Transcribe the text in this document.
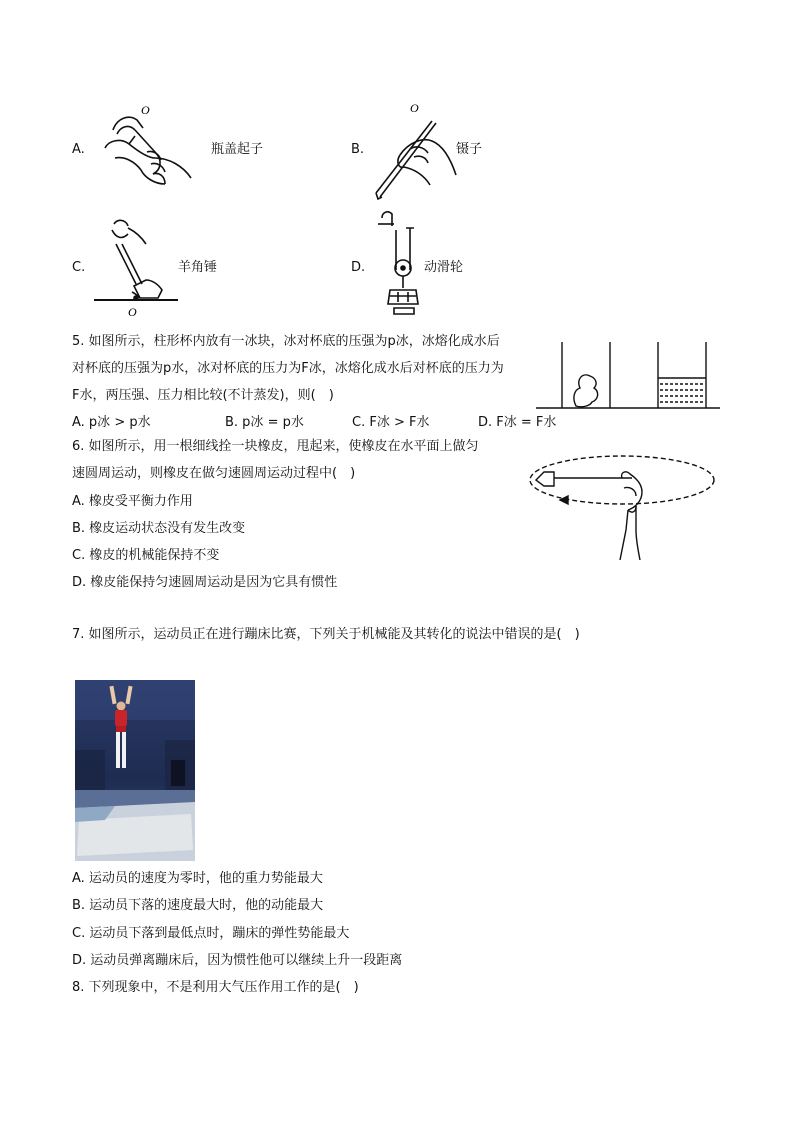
A.
O
瓶盖起子	B.
O
镊子
C.
O
羊角锤	D.	动滑轮
5. 如图所示，柱形杯内放有一冰块，冰对杯底的压强为p冰，冰熔化成水后
对杯底的压强为p水，冰对杯底的压力为F冰，冰熔化成水后对杯底的压力为
F水，两压强、压力相比较(不计蒸发)，则(　)
A. p冰 > p水	B. p冰 = p水	C. F冰 > F水	D. F冰 = F水
6. 如图所示，用一根细线拴一块橡皮，甩起来，使橡皮在水平面上做匀
速圆周运动，则橡皮在做匀速圆周运动过程中(　)
A. 橡皮受平衡力作用
B. 橡皮运动状态没有发生改变
C. 橡皮的机械能保持不变
D. 橡皮能保持匀速圆周运动是因为它具有惯性
7. 如图所示，运动员正在进行蹦床比赛，下列关于机械能及其转化的说法中错误的是(　)
A. 运动员的速度为零时，他的重力势能最大
B. 运动员下落的速度最大时，他的动能最大
C. 运动员下落到最低点时，蹦床的弹性势能最大
D. 运动员弹离蹦床后，因为惯性他可以继续上升一段距离
8. 下列现象中，不是利用大气压作用工作的是(　)
